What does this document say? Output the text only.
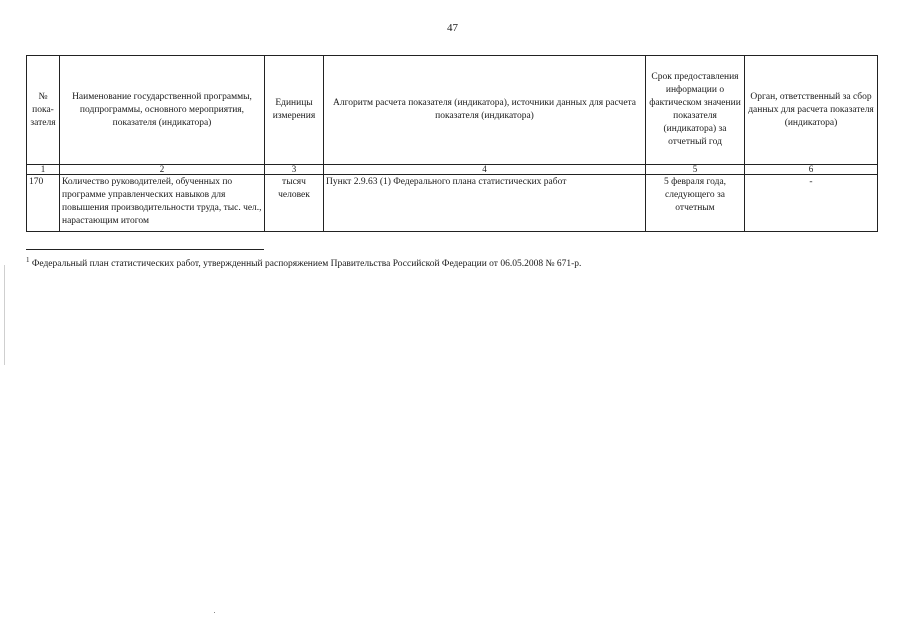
47
№ пока-
зателя	Наименование государственной программы, подпрограммы, основного мероприятия, показателя (индикатора)	Единицы измерения	Алгоритм расчета показателя (индикатора), источники данных для расчета показателя (индикатора)	Срок предоставления информации о фактическом значении показателя (индикатора) за отчетный год	Орган, ответственный за сбор данных для расчета показателя (индикатора)
1	2	3	4	5	6
170	Количество руководителей, обученных по программе управленческих навыков для повышения производительности труда, тыс. чел., нарастающим итогом	тысяч человек	Пункт 2.9.63 (1) Федерального плана статистических работ	5 февраля года, следующего за отчетным	-
$^1$ Федеральный план статистических работ, утвержденный распоряжением Правительства Российской Федерации от 06.05.2008 № 671-р.
